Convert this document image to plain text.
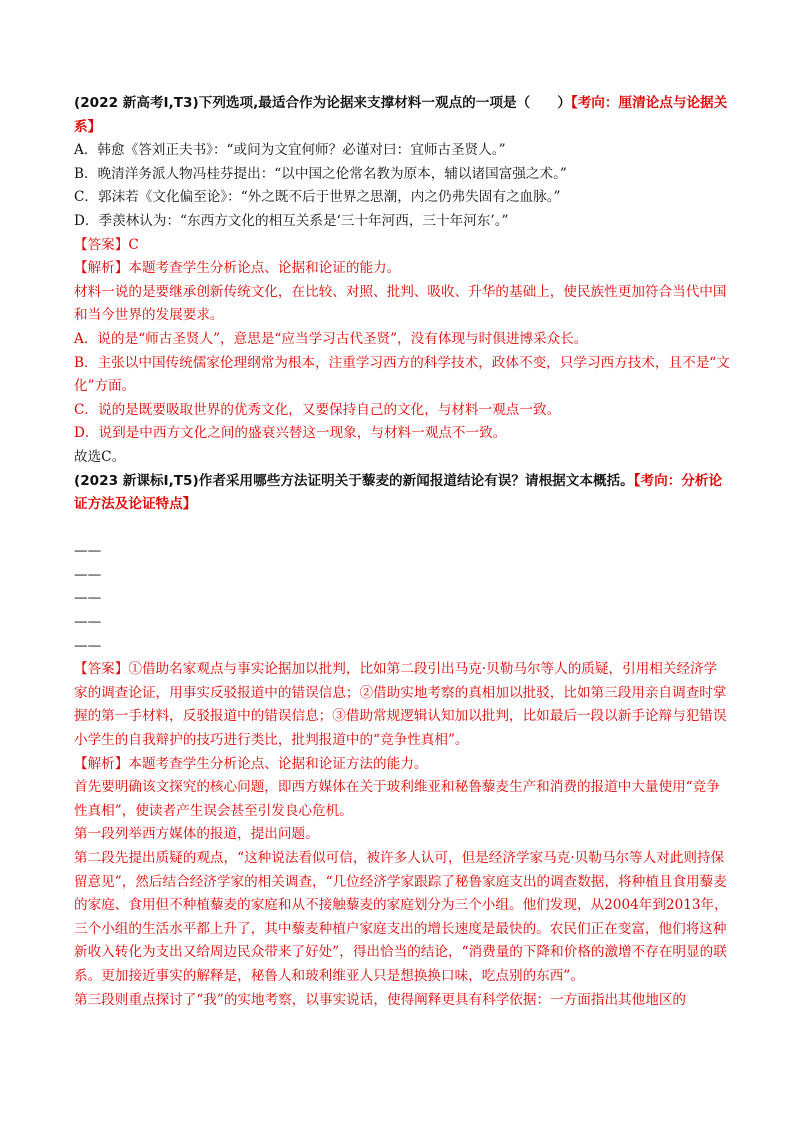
(2022 新高考Ⅰ,T3)下列选项,最适合作为论据来支撑材料一观点的一项是（　　）【考向：厘清论点与论据关系】

A．韩愈《答刘正夫书》：“或问为文宜何师？必谨对曰：宜师古圣贤人。”

B．晚清洋务派人物冯桂芬提出：“以中国之伦常名教为原本，辅以诸国富强之术。”

C．郭沫若《文化偏至论》：“外之既不后于世界之思潮，内之仍弗失固有之血脉。”

D．季羡林认为：“东西方文化的相互关系是‘三十年河西，三十年河东’。”

【答案】C

【解析】本题考查学生分析论点、论据和论证的能力。

材料一说的是要继承创新传统文化，在比较、对照、批判、吸收、升华的基础上，使民族性更加符合当代中国和当今世界的发展要求。

A．说的是“师古圣贤人”，意思是“应当学习古代圣贤”，没有体现与时俱进博采众长。

B．主张以中国传统儒家伦理纲常为根本，注重学习西方的科学技术，政体不变，只学习西方技术，且不是“文化”方面。

C．说的是既要吸取世界的优秀文化，又要保持自己的文化，与材料一观点一致。

D．说到是中西方文化之间的盛衰兴替这一现象，与材料一观点不一致。

故选C。

(2023 新课标Ⅰ,T5)作者采用哪些方法证明关于藜麦的新闻报道结论有误？请根据文本概括。【考向：分析论证方法及论证特点】

——

——

——

——

——

【答案】①借助名家观点与事实论据加以批判，比如第二段引出马克·贝勒马尔等人的质疑，引用相关经济学家的调查论证，用事实反驳报道中的错误信息；②借助实地考察的真相加以批驳，比如第三段用亲自调查时掌握的第一手材料，反驳报道中的错误信息；③借助常规逻辑认知加以批判，比如最后一段以新手论辩与犯错误小学生的自我辩护的技巧进行类比，批判报道中的“竞争性真相”。

【解析】本题考查学生分析论点、论据和论证方法的能力。

首先要明确该文探究的核心问题，即西方媒体在关于玻利维亚和秘鲁藜麦生产和消费的报道中大量使用“竞争性真相”，使读者产生误会甚至引发良心危机。

第一段列举西方媒体的报道，提出问题。

第二段先提出质疑的观点，“这种说法看似可信，被许多人认可，但是经济学家马克·贝勒马尔等人对此则持保留意见”，然后结合经济学家的相关调查，“几位经济学家跟踪了秘鲁家庭支出的调查数据，将种植且食用藜麦的家庭、食用但不种植藜麦的家庭和从不接触藜麦的家庭划分为三个小组。他们发现，从2004年到2013年，三个小组的生活水平都上升了，其中藜麦种植户家庭支出的增长速度是最快的。农民们正在变富，他们将这种新收入转化为支出又给周边民众带来了好处”，得出恰当的结论，“消费量的下降和价格的激增不存在明显的联系。更加接近事实的解释是，秘鲁人和玻利维亚人只是想换换口味，吃点别的东西”。

第三段则重点探讨了“我”的实地考察，以事实说话，使得阐释更具有科学依据：一方面指出其他地区的
